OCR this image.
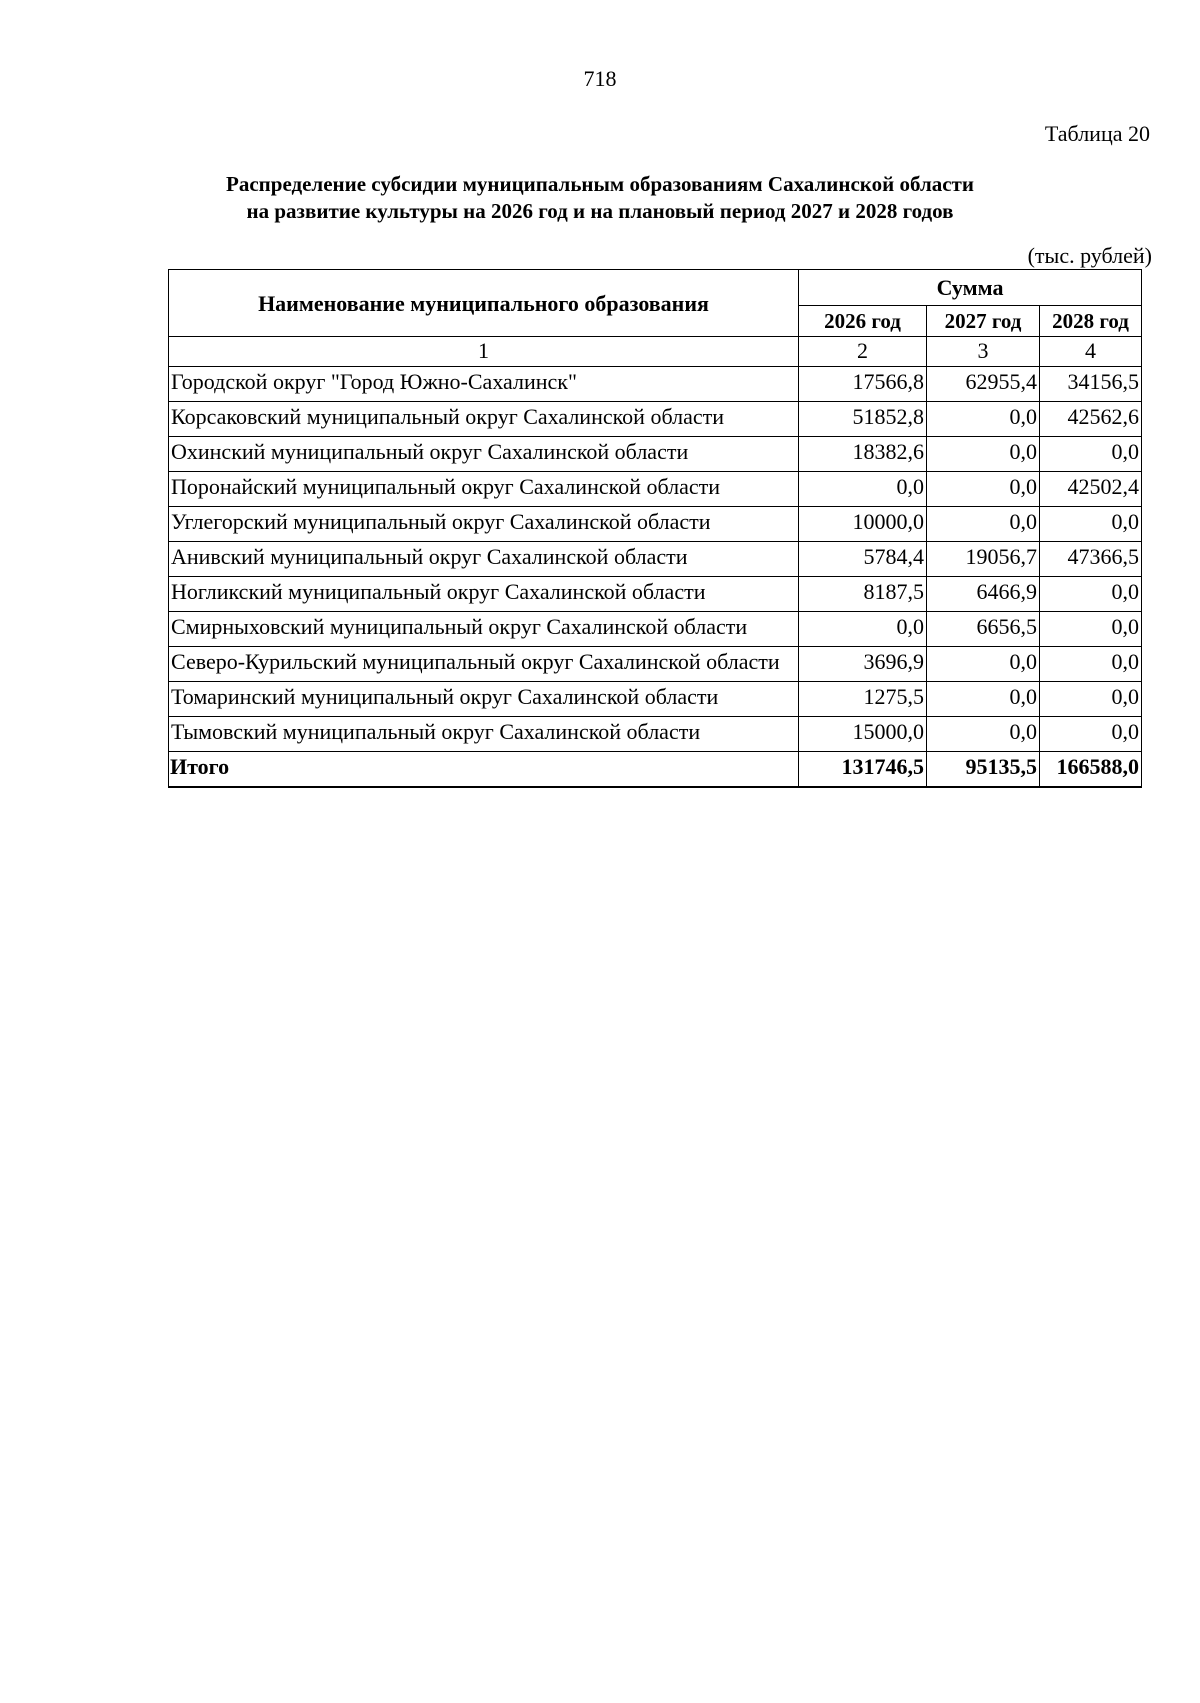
718
Таблица 20
Распределение субсидии муниципальным образованиям Сахалинской области
на развитие культуры на 2026 год и на плановый период 2027 и 2028 годов
(тыс. рублей)
Наименование муниципального образования	Сумма		
	2026 год	2027 год	2028 год
1	2	3	4
Городской округ "Город Южно-Сахалинск"	17566,8	62955,4	34156,5
Корсаковский муниципальный округ Сахалинской области	51852,8	0,0	42562,6
Охинский муниципальный округ Сахалинской области	18382,6	0,0	0,0
Поронайский муниципальный округ Сахалинской области	0,0	0,0	42502,4
Углегорский муниципальный округ Сахалинской области	10000,0	0,0	0,0
Анивский муниципальный округ Сахалинской области	5784,4	19056,7	47366,5
Ногликский муниципальный округ Сахалинской области	8187,5	6466,9	0,0
Смирныховский муниципальный округ Сахалинской области	0,0	6656,5	0,0
Северо-Курильский муниципальный округ Сахалинской области	3696,9	0,0	0,0
Томаринский муниципальный округ Сахалинской области	1275,5	0,0	0,0
Тымовский муниципальный округ Сахалинской области	15000,0	0,0	0,0
Итого	131746,5	95135,5	166588,0
